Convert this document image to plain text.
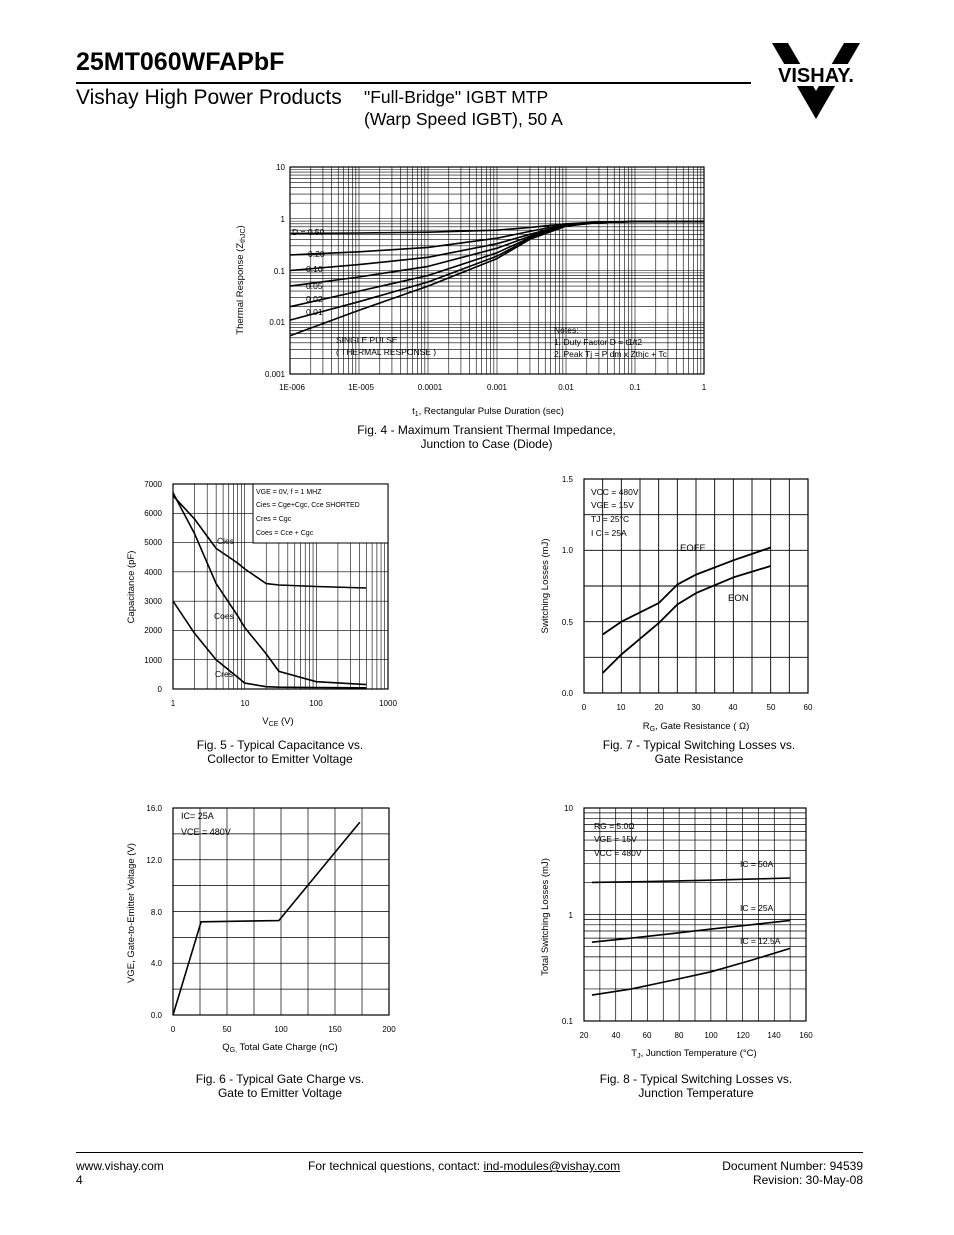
25MT060WFAPbF
Vishay High Power Products "Full-Bridge" IGBT MTP
(Warp Speed IGBT), 50 A
VISHAY.
10
1
0.1
0.01
0.001
1E-006	1E-005	0.0001	0.001	0.01	0.1	1
Thermal Response $(Z_{thJC})$
$t_1$, Rectangular Pulse Duration (sec)
D = 0.50
0.20
0.10
0.05
0.02
0.01
SINGLE PULSE
( THERMAL RESPONSE )
Notes:
1. Duty Factor D = t1/t2
2. Peak Tj = P dm x Zthjc + Tc
Fig. 4 - Maximum Transient Thermal Impedance,
Junction to Case (Diode)
7000
6000
5000
4000
3000
2000
1000
0
1	10	100	1000
Capacitance (pF)
$V_{CE}$ (V)
VGE = 0V, f = 1 MHZ
Cies = Cge+Cgc, Cce SHORTED
Cres = Cgc
Coes = Cce + Cgc
Cies
Coes
Cres
Fig. 5 - Typical Capacitance vs.
Collector to Emitter Voltage
1.5
1.0
0.5
0.0
0	10	20	30	40	50	60
Switching Losses (mJ)
$R_G$, Gate Resistance ( Ω)
VCC = 480V
VGE = 15V
TJ = 25°C
I C = 25A
EOFF
EON
Fig. 7 - Typical Switching Losses vs.
Gate Resistance
16.0
12.0
8.0
4.0
0.0
0	50	100	150	200
VGE, Gate-to-Emitter Voltage (V)
$Q_{G,}$ Total Gate Charge (nC)
IC= 25A
VCE = 480V
Fig. 6 - Typical Gate Charge vs.
Gate to Emitter Voltage
10
1
0.1
20	40	60	80	100 120 140 160
Total Switching Losses (mJ)
$T_J$, Junction Temperature (°C)
RG = 5.0Ω
VGE = 15V
VCC = 480V
IC = 50A
IC = 25A
IC = 12.5A
Fig. 8 - Typical Switching Losses vs.
Junction Temperature
www.vishay.com
4
For technical questions, contact: ind-modules@vishay.com	Document Number: 94539
Revision: 30-May-08
